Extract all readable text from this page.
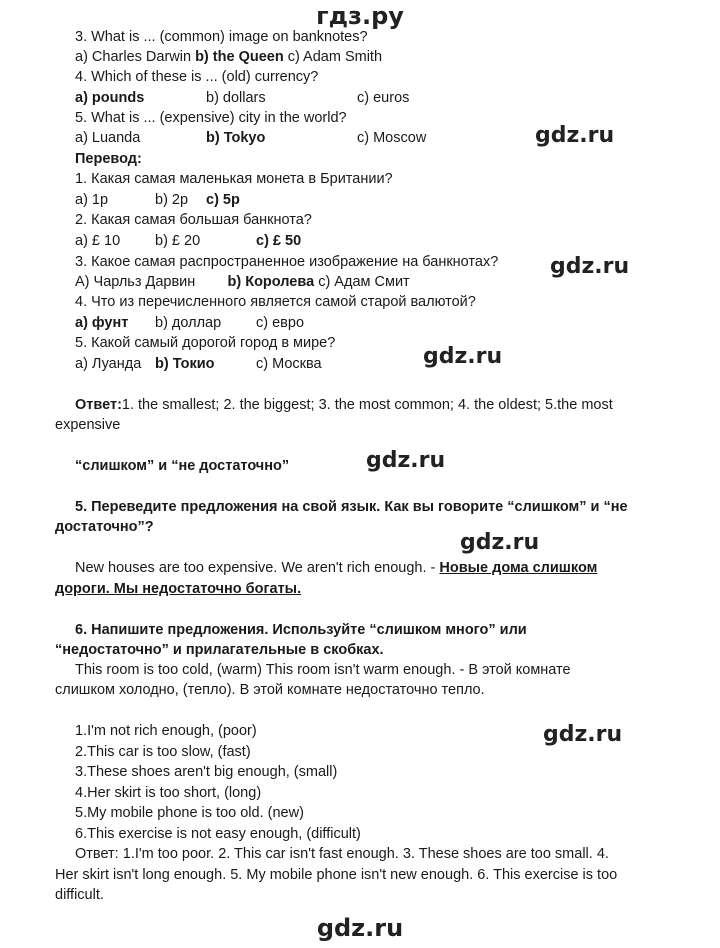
гдз.ру
3. What is ... (common) image on banknotes?
a) Charles Darwin b) the Queen c) Adam Smith
4. Which of these is ... (old) currency?
a) pounds	b) dollars	c) euros
5. What is ... (expensive) city in the world?
a) Luanda	b) Tokyo	c) Moscow	gdz.ru
Перевод:
1. Какая самая маленькая монета в Британии?
a) 1p	b) 2p c) 5p
2. Какая самая большая банкнота?
a) £ 10 b) £ 20	c) £ 50
3. Какое самая распространенное изображение на банкнотах?
А) Чарльз Дарвин b) Королева c) Адам Смит
4. Что из перечисленного является самой старой валютой?
a) фунт b) доллар c) евро
5. Какой самый дорогой город в мире?
a) Луанда b) Токио	c) Москва
gdz.ru
gdz.ru
Ответ:1. the smallest; 2. the biggest; 3. the most common; 4. the oldest; 5.the most
expensive
“слишком” и “не достаточно”	gdz.ru
5. Переведите предложения на свой язык. Как вы говорите “слишком” и “не
достаточно”?
gdz.ru
New houses are too expensive. We aren't rich enough. - Новые дома слишком
дороги. Мы недостаточно богаты.
6. Напишите предложения. Используйте “слишком много” или
“недостаточно” и прилагательные в скобках.
This room is too cold, (warm) This room isn't warm enough. - В этой комнате
слишком холодно, (тепло). В этой комнате недостаточно тепло.
1.I'm not rich enough, (poor)
2.This car is too slow, (fast)
3.These shoes aren't big enough, (small)
4.Her skirt is too short, (long)
5.My mobile phone is too old. (new)
6.This exercise is not easy enough, (difficult)
gdz.ru
Ответ: 1.I'm too poor. 2. This car isn't fast enough. 3. These shoes are too small. 4.
Her skirt isn't long enough. 5. My mobile phone isn't new enough. 6. This exercise is too
difficult.
gdz.ru
